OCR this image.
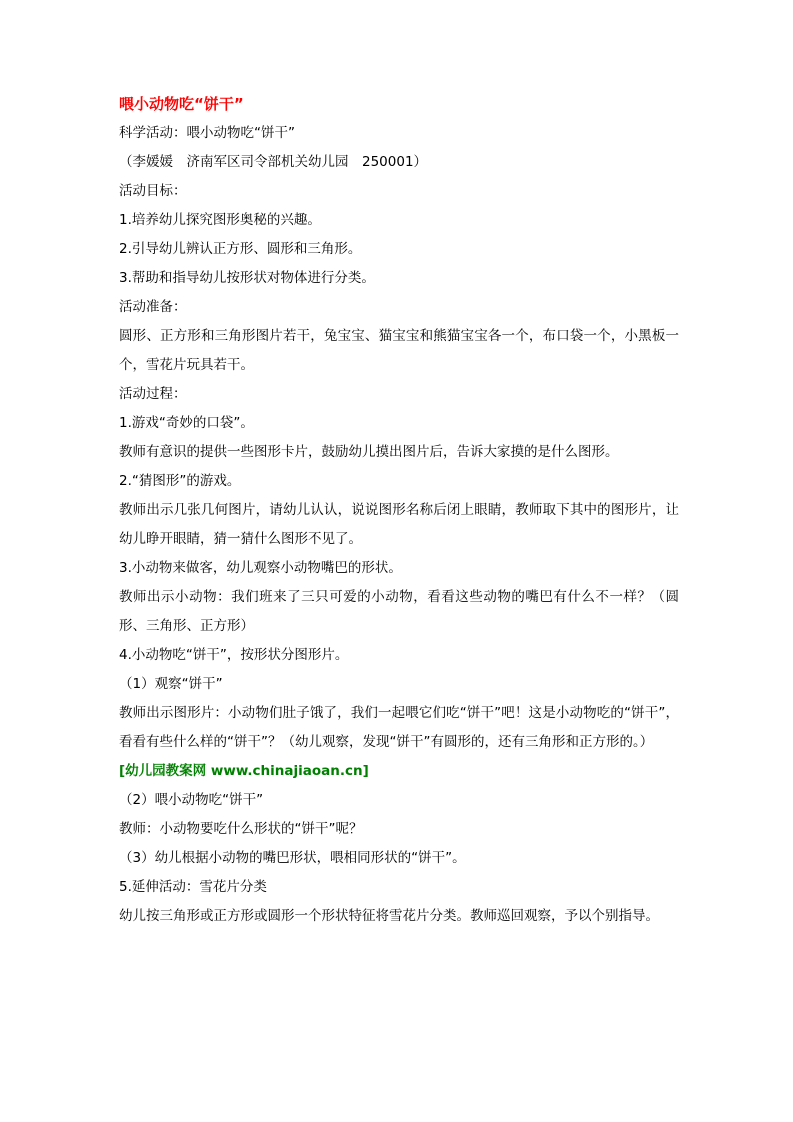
喂小动物吃“饼干”

科学活动：喂小动物吃“饼干”

（李媛媛　济南军区司令部机关幼儿园　250001）

活动目标：

1.培养幼儿探究图形奥秘的兴趣。

2.引导幼儿辨认正方形、圆形和三角形。

3.帮助和指导幼儿按形状对物体进行分类。

活动准备：

圆形、正方形和三角形图片若干，兔宝宝、猫宝宝和熊猫宝宝各一个，布口袋一个，小黑板一个，雪花片玩具若干。

活动过程：

1.游戏“奇妙的口袋”。

教师有意识的提供一些图形卡片，鼓励幼儿摸出图片后，告诉大家摸的是什么图形。

2.“猜图形”的游戏。

教师出示几张几何图片，请幼儿认认，说说图形名称后闭上眼睛，教师取下其中的图形片，让幼儿睁开眼睛，猜一猜什么图形不见了。

3.小动物来做客，幼儿观察小动物嘴巴的形状。

教师出示小动物：我们班来了三只可爱的小动物，看看这些动物的嘴巴有什么不一样？（圆形、三角形、正方形）

4.小动物吃“饼干”，按形状分图形片。

（1）观察“饼干”

教师出示图形片：小动物们肚子饿了，我们一起喂它们吃“饼干”吧！这是小动物吃的“饼干”，看看有些什么样的“饼干”？（幼儿观察，发现“饼干”有圆形的，还有三角形和正方形的。）

[幼儿园教案网 www.chinajiaoan.cn]

（2）喂小动物吃“饼干”

教师：小动物要吃什么形状的“饼干”呢？

（3）幼儿根据小动物的嘴巴形状，喂相同形状的“饼干”。

5.延伸活动：雪花片分类

幼儿按三角形或正方形或圆形一个形状特征将雪花片分类。教师巡回观察，予以个别指导。
